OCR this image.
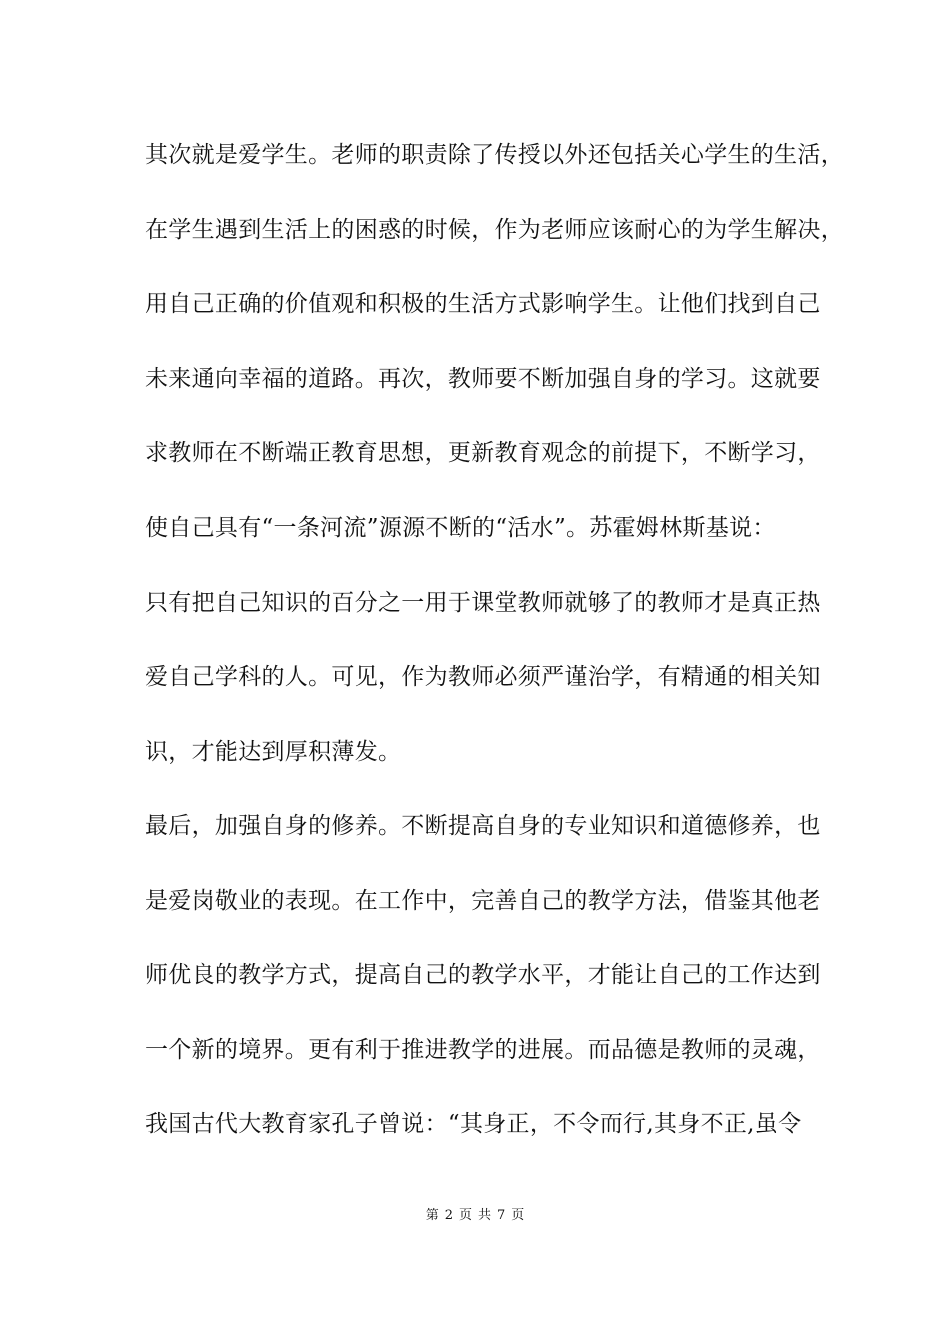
其次就是爱学生。老师的职责除了传授以外还包括关心学生的生活，
在学生遇到生活上的困惑的时候，作为老师应该耐心的为学生解决，
用自己正确的价值观和积极的生活方式影响学生。让他们找到自己
未来通向幸福的道路。再次，教师要不断加强自身的学习。这就要
求教师在不断端正教育思想，更新教育观念的前提下，不断学习，
使自己具有“一条河流”源源不断的“活水”。苏霍姆林斯基说：
只有把自己知识的百分之一用于课堂教师就够了的教师才是真正热
爱自己学科的人。可见，作为教师必须严谨治学，有精通的相关知
识，才能达到厚积薄发。
最后，加强自身的修养。不断提高自身的专业知识和道德修养，也
是爱岗敬业的表现。在工作中，完善自己的教学方法，借鉴其他老
师优良的教学方式，提高自己的教学水平，才能让自己的工作达到
一个新的境界。更有利于推进教学的进展。而品德是教师的灵魂，
我国古代大教育家孔子曾说：“其身正，不令而行,其身不正,虽令
第 2 页 共 7 页
